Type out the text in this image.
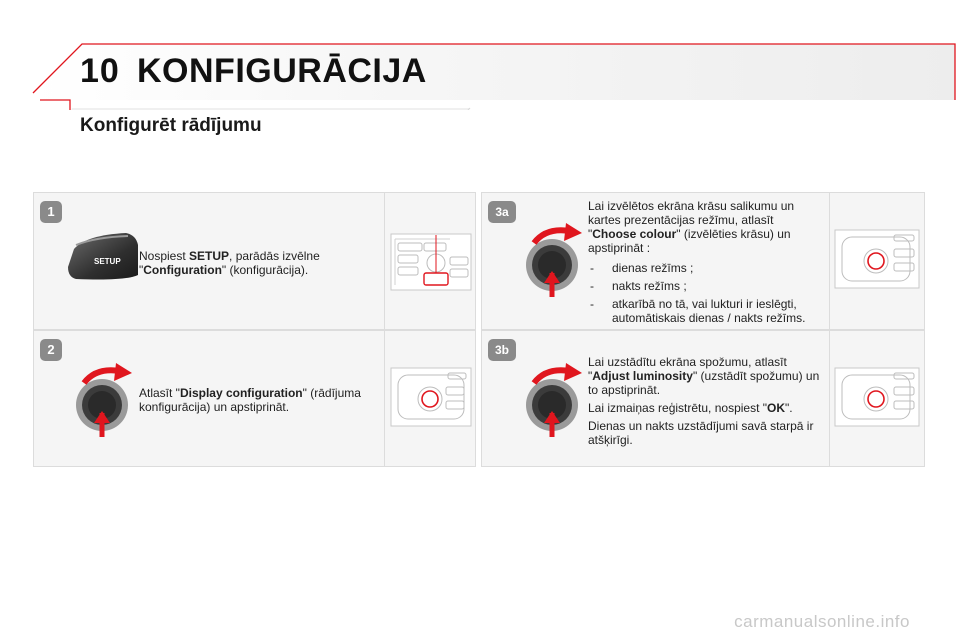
10 KONFIGURĀCIJA
Konfigurēt rādījumu
1
SETUP Nospiest SETUP, parādās izvēlne "Configuration" (konfigurācija).
2
Atlasīt "Display configuration" (rādījuma konfigurācija) un apstiprināt.
3a	Lai izvēlētos ekrāna krāsu salikumu un kartes prezentācijas režīmu, atlasīt "Choose colour" (izvēlēties krāsu) un apstiprināt :

- dienas režīms ;
- nakts režīms ;
- atkarībā no tā, vai lukturi ir ieslēgti, automātiskais dienas / nakts režīms.
3b

Lai uzstādītu ekrāna spožumu, atlasīt "Adjust luminosity" (uzstādīt spožumu) un to apstiprināt.

Lai izmaiņas reģistrētu, nospiest "OK".

Dienas un nakts uzstādījumi savā starpā ir atšķirīgi.

carmanualsonline.info
